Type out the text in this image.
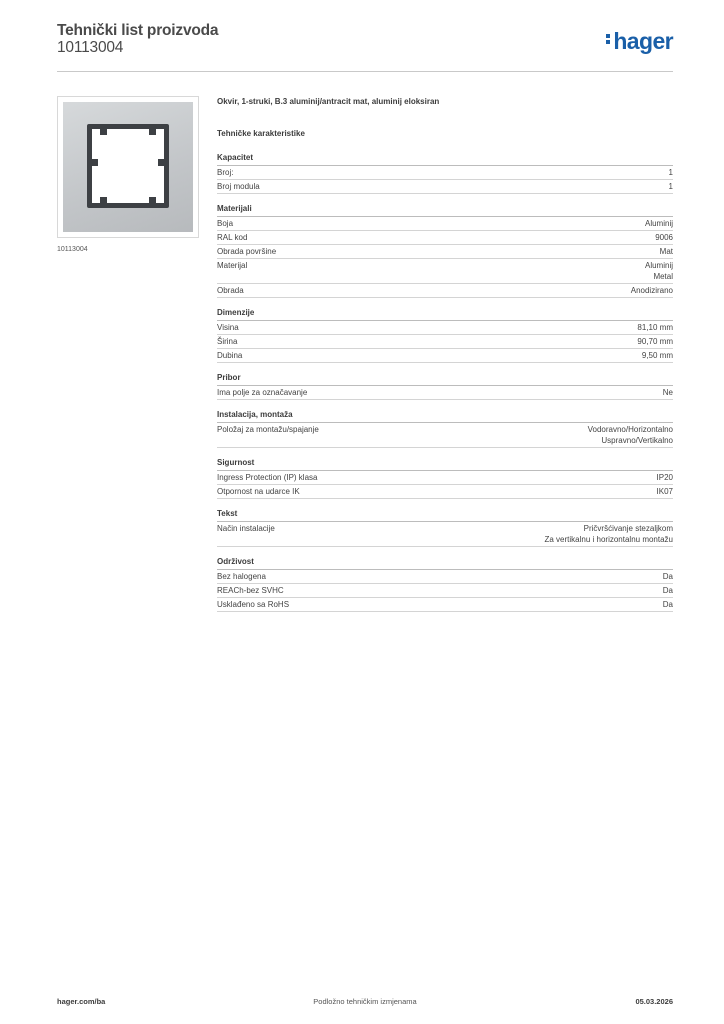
Tehnički list proizvoda
10113004	hager
10113004
Okvir, 1-struki, B.3 aluminij/antracit mat, aluminij eloksiran
Tehničke karakteristike
Kapacitet
Broj:	1
Broj modula	1
Materijali
Boja	Aluminij
RAL kod	9006
Obrada površine	Mat
Materijal	Aluminij
Metal
Obrada	Anodizirano
Dimenzije
Visina	81,10 mm
Širina	90,70 mm
Dubina	9,50 mm
Pribor
Ima polje za označavanje	Ne
Instalacija, montaža
Položaj za montažu/spajanje	Vodoravno/Horizontalno
Uspravno/Vertikalno
Sigurnost
Ingress Protection (IP) klasa	IP20
Otpornost na udarce IK	IK07
Tekst
Način instalacije	Pričvršćivanje stezaljkom
Za vertikalnu i horizontalnu montažu
Održivost
Bez halogena	Da
REACh-bez SVHC	Da
Usklađeno sa RoHS	Da
hager.com/ba	Podložno tehničkim izmjenama	05.03.2026
